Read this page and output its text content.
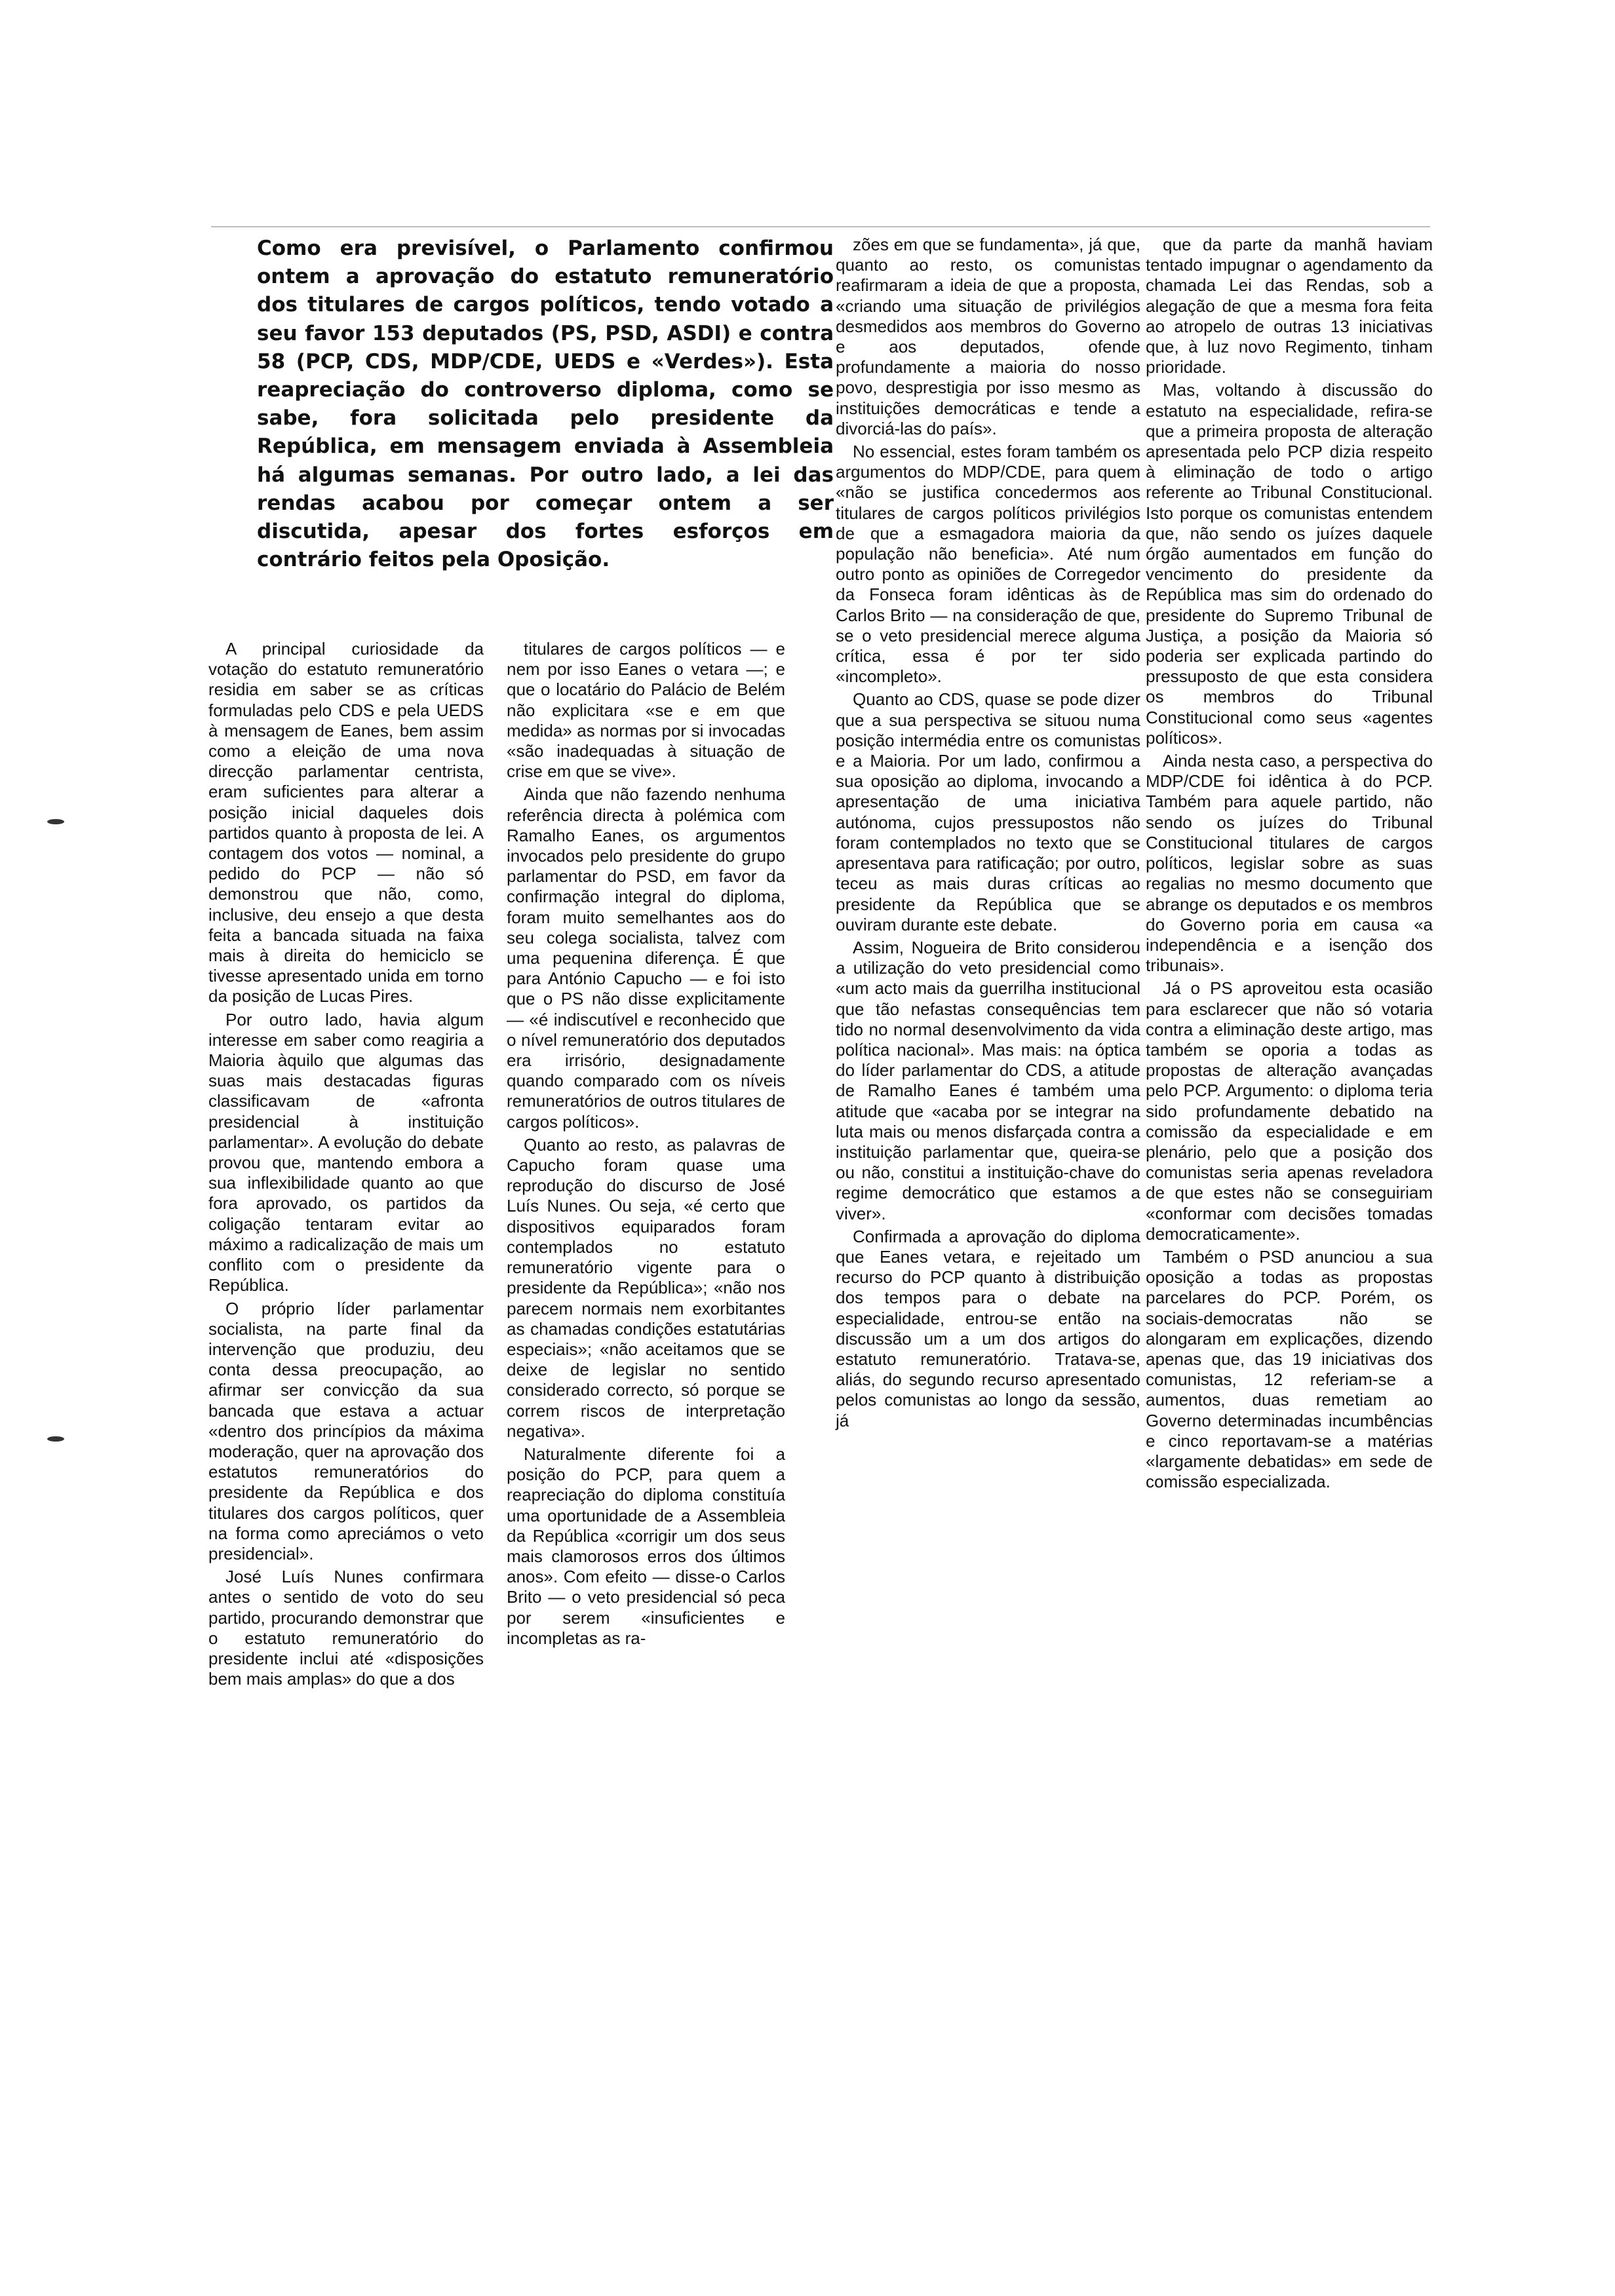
Como era previsível, o Parlamento confirmou ontem a aprovação do estatuto remuneratório dos titulares de cargos políticos, tendo votado a seu favor 153 deputados (PS, PSD, ASDI) e contra 58 (PCP, CDS, MDP/CDE, UEDS e «Verdes»). Esta reapreciação do controverso diploma, como se sabe, fora solicitada pelo presidente da República, em mensagem enviada à Assembleia há algumas semanas. Por outro lado, a lei das rendas acabou por começar ontem a ser discutida, apesar dos fortes esforços em contrário feitos pela Oposição.

A principal curiosidade da votação do estatuto remuneratório residia em saber se as críticas formuladas pelo CDS e pela UEDS à mensagem de Eanes, bem assim como a eleição de uma nova direcção parlamentar centrista, eram suficientes para alterar a posição inicial daqueles dois partidos quanto à proposta de lei. A contagem dos votos — nominal, a pedido do PCP — não só demonstrou que não, como, inclusive, deu ensejo a que desta feita a bancada situada na faixa mais à direita do hemiciclo se tivesse apresentado unida em torno da posição de Lucas Pires.

Por outro lado, havia algum interesse em saber como reagiria a Maioria àquilo que algumas das suas mais destacadas figuras classificavam de «afronta presidencial à instituição parlamentar». A evolução do debate provou que, mantendo embora a sua inflexibilidade quanto ao que fora aprovado, os partidos da coligação tentaram evitar ao máximo a radicalização de mais um conflito com o presidente da República.

O próprio líder parlamentar socialista, na parte final da intervenção que produziu, deu conta dessa preocupação, ao afirmar ser convicção da sua bancada que estava a actuar «dentro dos princípios da máxima moderação, quer na aprovação dos estatutos remuneratórios do presidente da República e dos titulares dos cargos políticos, quer na forma como apreciámos o veto presidencial».

José Luís Nunes confirmara antes o sentido de voto do seu partido, procurando demonstrar que o estatuto remuneratório do presidente inclui até «disposições bem mais amplas» do que a dos

titulares de cargos políticos — e nem por isso Eanes o vetara —; e que o locatário do Palácio de Belém não explicitara «se e em que medida» as normas por si invocadas «são inadequadas à situação de crise em que se vive».

Ainda que não fazendo nenhuma referência directa à polémica com Ramalho Eanes, os argumentos invocados pelo presidente do grupo parlamentar do PSD, em favor da confirmação integral do diploma, foram muito semelhantes aos do seu colega socialista, talvez com uma pequenina diferença. É que para António Capucho — e foi isto que o PS não disse explicitamente — «é indiscutível e reconhecido que o nível remuneratório dos deputados era irrisório, designadamente quando comparado com os níveis remuneratórios de outros titulares de cargos políticos».

Quanto ao resto, as palavras de Capucho foram quase uma reprodução do discurso de José Luís Nunes. Ou seja, «é certo que dispositivos equiparados foram contemplados no estatuto remuneratório vigente para o presidente da República»; «não nos parecem normais nem exorbitantes as chamadas condições estatutárias especiais»; «não aceitamos que se deixe de legislar no sentido considerado correcto, só porque se correm riscos de interpretação negativa».

Naturalmente diferente foi a posição do PCP, para quem a reapreciação do diploma constituía uma oportunidade de a Assembleia da República «corrigir um dos seus mais clamorosos erros dos últimos anos». Com efeito — disse-o Carlos Brito — o veto presidencial só peca por serem «insuficientes e incompletas as ra-

zões em que se fundamenta», já que, quanto ao resto, os comunistas reafirmaram a ideia de que a proposta, «criando uma situação de privilégios desmedidos aos membros do Governo e aos deputados, ofende profundamente a maioria do nosso povo, desprestigia por isso mesmo as instituições democráticas e tende a divorciá-las do país».

No essencial, estes foram também os argumentos do MDP/CDE, para quem «não se justifica concedermos aos titulares de cargos políticos privilégios de que a esmagadora maioria da população não beneficia». Até num outro ponto as opiniões de Corregedor da Fonseca foram idênticas às de Carlos Brito — na consideração de que, se o veto presidencial merece alguma crítica, essa é por ter sido «incompleto».

Quanto ao CDS, quase se pode dizer que a sua perspectiva se situou numa posição intermédia entre os comunistas e a Maioria. Por um lado, confirmou a sua oposição ao diploma, invocando a apresentação de uma iniciativa autónoma, cujos pressupostos não foram contemplados no texto que se apresentava para ratificação; por outro, teceu as mais duras críticas ao presidente da República que se ouviram durante este debate.

Assim, Nogueira de Brito considerou a utilização do veto presidencial como «um acto mais da guerrilha institucional que tão nefastas consequências tem tido no normal desenvolvimento da vida política nacional». Mas mais: na óptica do líder parlamentar do CDS, a atitude de Ramalho Eanes é também uma atitude que «acaba por se integrar na luta mais ou menos disfarçada contra a instituição parlamentar que, queira-se ou não, constitui a instituição-chave do regime democrático que estamos a viver».

Confirmada a aprovação do diploma que Eanes vetara, e rejeitado um recurso do PCP quanto à distribuição dos tempos para o debate na especialidade, entrou-se então na discussão um a um dos artigos do estatuto remuneratório. Tratava-se, aliás, do segundo recurso apresentado pelos comunistas ao longo da sessão, já

que da parte da manhã haviam tentado impugnar o agendamento da chamada Lei das Rendas, sob a alegação de que a mesma fora feita ao atropelo de outras 13 iniciativas que, à luz novo Regimento, tinham prioridade.

Mas, voltando à discussão do estatuto na especialidade, refira-se que a primeira proposta de alteração apresentada pelo PCP dizia respeito à eliminação de todo o artigo referente ao Tribunal Constitucional. Isto porque os comunistas entendem que, não sendo os juízes daquele órgão aumentados em função do vencimento do presidente da República mas sim do ordenado do presidente do Supremo Tribunal de Justiça, a posição da Maioria só poderia ser explicada partindo do pressuposto de que esta considera os membros do Tribunal Constitucional como seus «agentes políticos».

Ainda nesta caso, a perspectiva do MDP/CDE foi idêntica à do PCP. Também para aquele partido, não sendo os juízes do Tribunal Constitucional titulares de cargos políticos, legislar sobre as suas regalias no mesmo documento que abrange os deputados e os membros do Governo poria em causa «a independência e a isenção dos tribunais».

Já o PS aproveitou esta ocasião para esclarecer que não só votaria contra a eliminação deste artigo, mas também se oporia a todas as propostas de alteração avançadas pelo PCP. Argumento: o diploma teria sido profundamente debatido na comissão da especialidade e em plenário, pelo que a posição dos comunistas seria apenas reveladora de que estes não se conseguiriam «conformar com decisões tomadas democraticamente».

Também o PSD anunciou a sua oposição a todas as propostas parcelares do PCP. Porém, os sociais-democratas não se alongaram em explicações, dizendo apenas que, das 19 iniciativas dos comunistas, 12 referiam-se a aumentos, duas remetiam ao Governo determinadas incumbências e cinco reportavam-se a matérias «largamente debatidas» em sede de comissão especializada.
